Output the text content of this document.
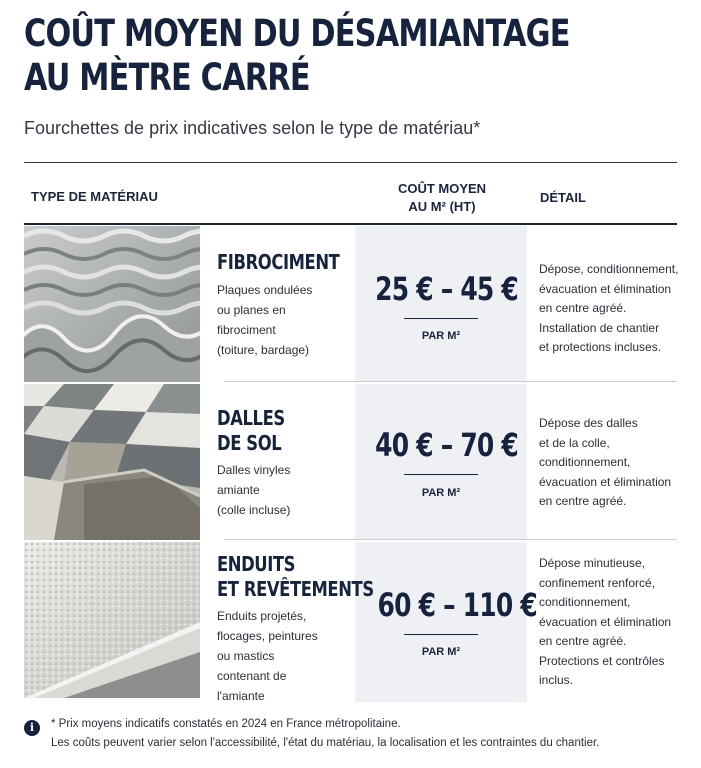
COÛT MOYEN DU DÉSAMIANTAGE
AU MÈTRE CARRÉ
Fourchettes de prix indicatives selon le type de matériau*
TYPE DE MATÉRIAU
COÛT MOYEN
AU M² (HT)
DÉTAIL
FIBROCIMENT
Plaques ondulées
ou planes en
fibrociment
(toiture, bardage)
25 € – 45 €
PAR M²
Dépose, conditionnement,
évacuation et élimination
en centre agréé.
Installation de chantier
et protections incluses.
DALLES
DE SOL
Dalles vinyles
amiante
(colle incluse)
40 € – 70 €
PAR M²
Dépose des dalles
et de la colle,
conditionnement,
évacuation et élimination
en centre agréé.
ENDUITS
ET REVÊTEMENTS
Enduits projetés,
flocages, peintures
ou mastics
contenant de
l'amiante
60 € – 110 €
PAR M²
Dépose minutieuse,
confinement renforcé,
conditionnement,
évacuation et élimination
en centre agréé.
Protections et contrôles
inclus.
i	* Prix moyens indicatifs constatés en 2024 en France métropolitaine.
Les coûts peuvent varier selon l'accessibilité, l'état du matériau, la localisation et les contraintes du chantier.
